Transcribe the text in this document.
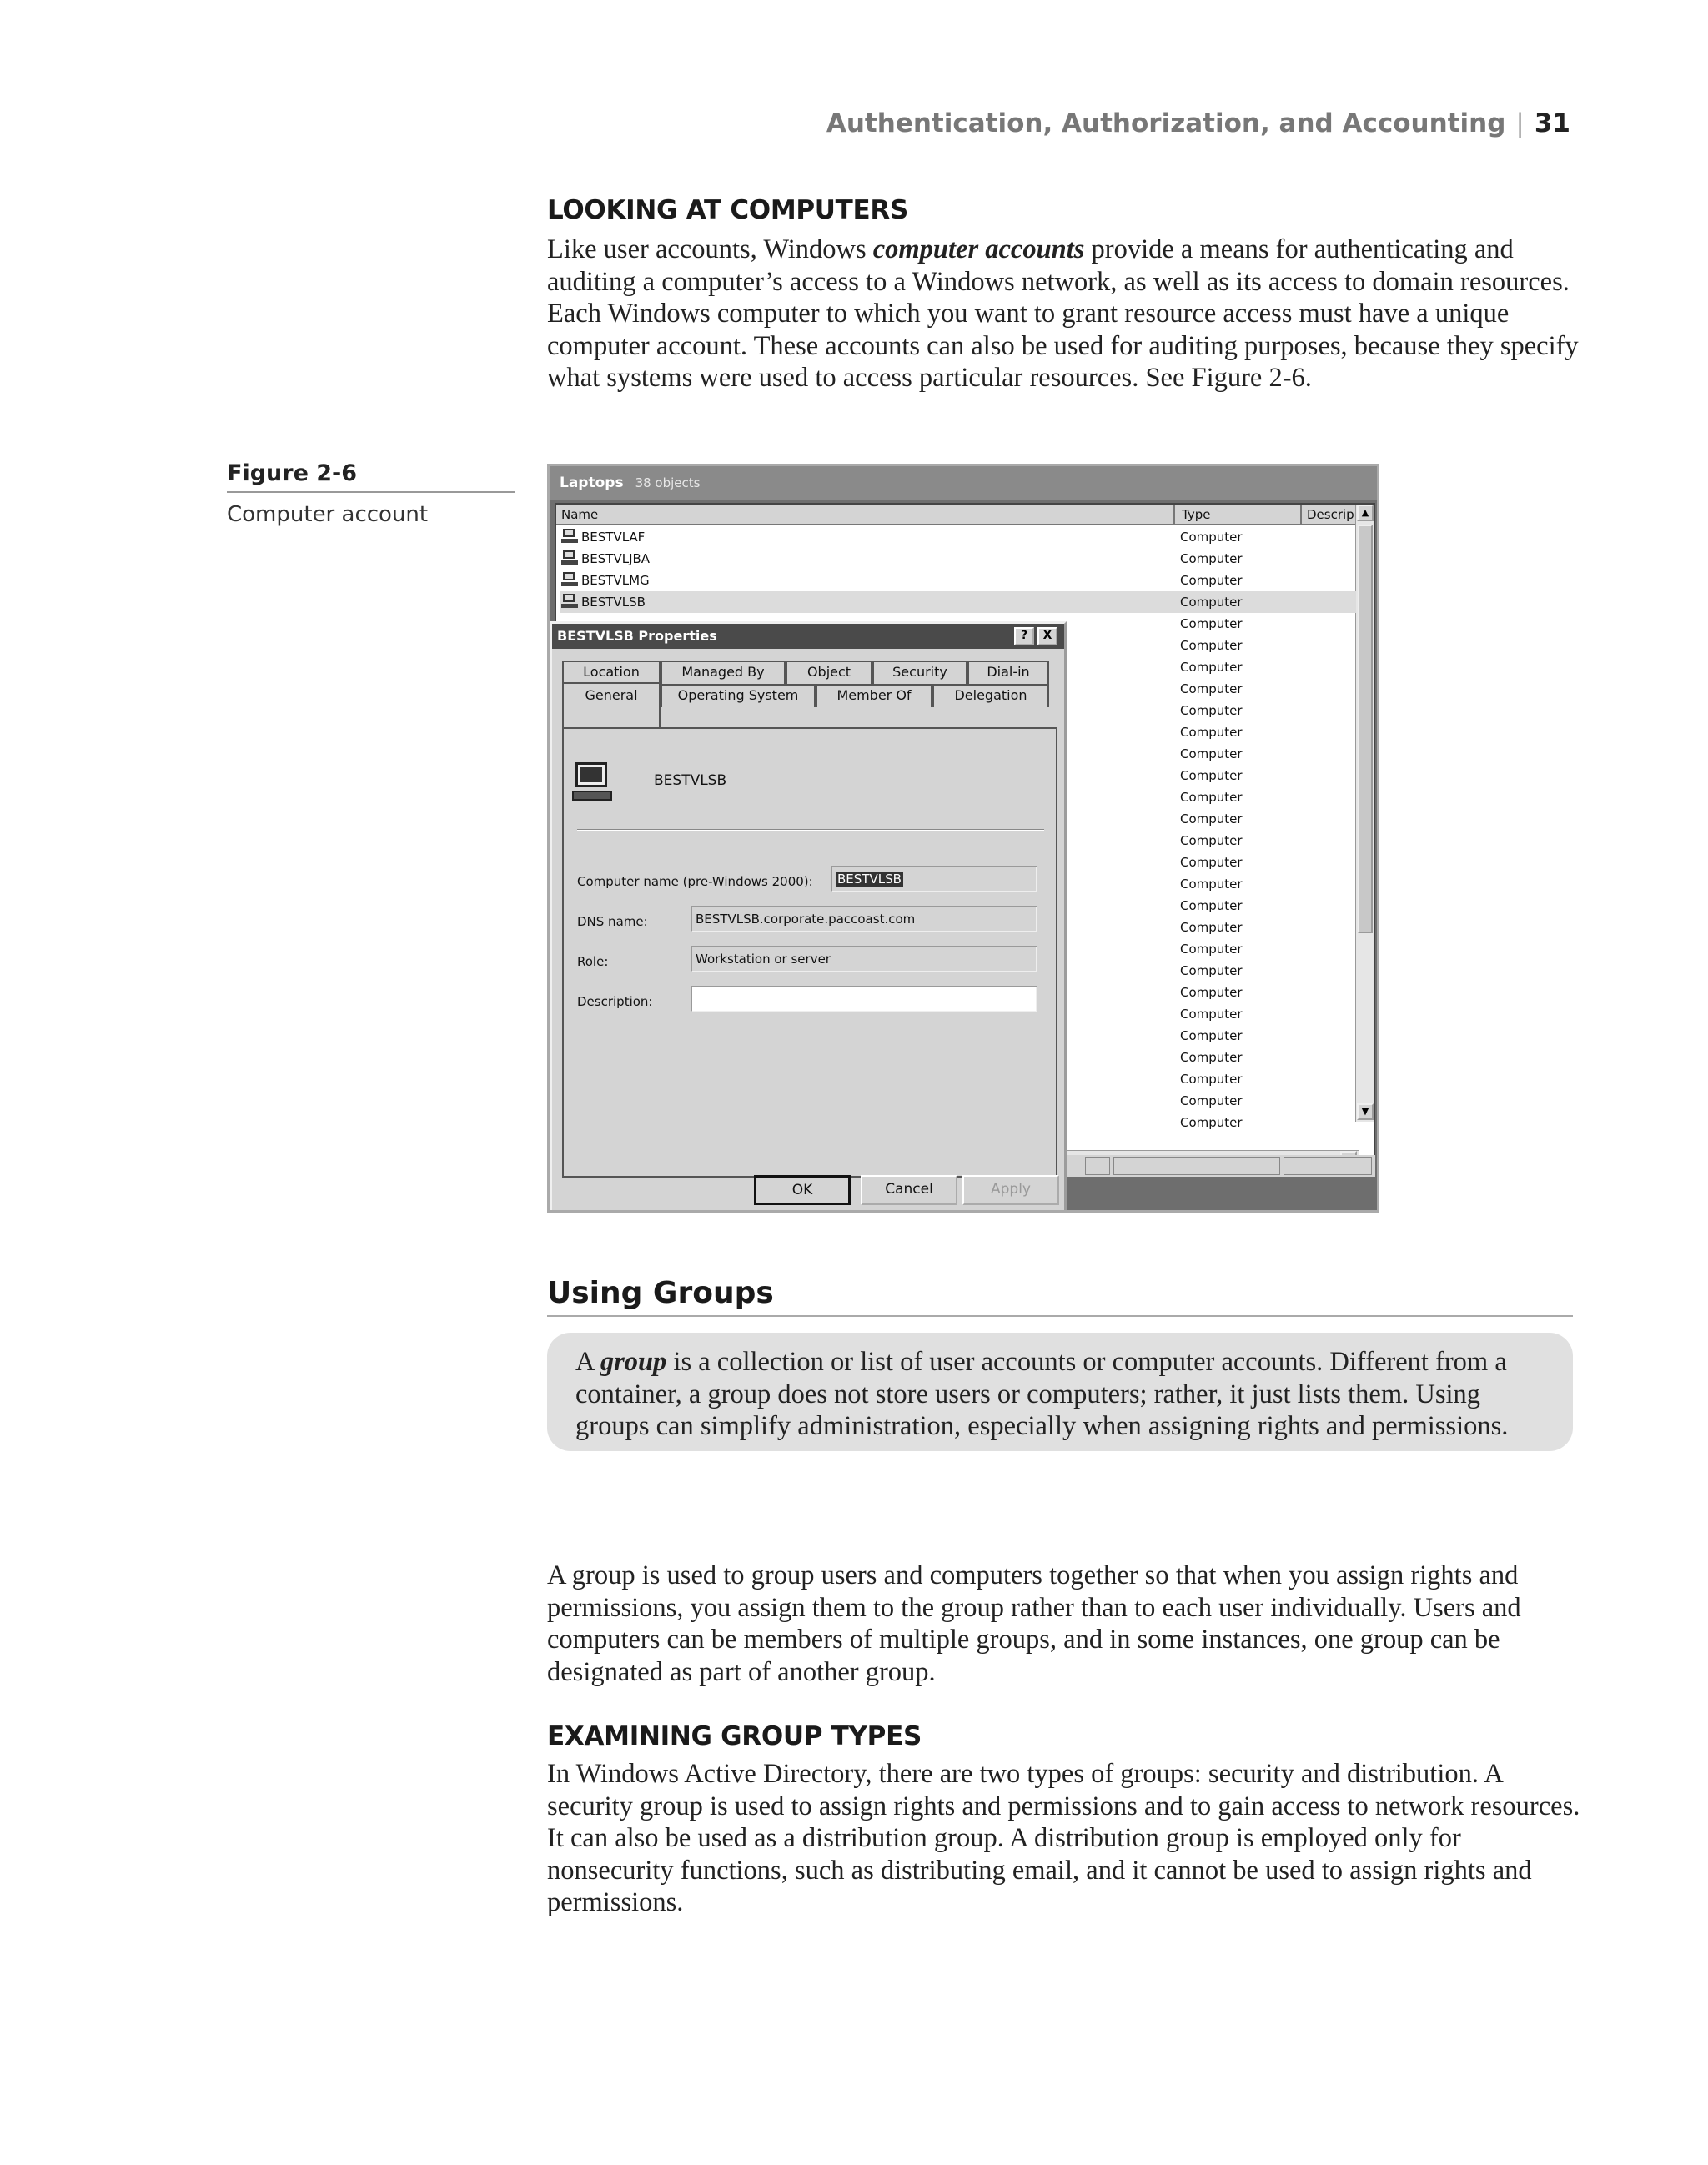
Authentication, Authorization, and Accounting | 31
LOOKING AT COMPUTERS

Like user accounts, Windows computer accounts provide a means for authenticating and auditing a computer’s access to a Windows network, as well as its access to domain resources. Each Windows computer to which you want to grant resource access must have a unique computer account. These accounts can also be used for auditing purposes, because they specify what systems were used to access particular resources. See Figure 2-6.

Figure 2-6
Computer account
Laptops 38 objects
Name	Type	Descrip ▲
▼
BESTVLAF	Computer
BESTVLJBA	Computer
BESTVLMG	Computer
BESTVLSB	Computer
Computer
Computer
Computer
Computer
Computer
Computer
Computer
Computer
Computer
Computer
Computer
Computer
Computer
Computer
Computer
Computer
Computer
Computer
Computer
Computer
Computer
Computer
Computer
Computer
BESTVLSB Properties	?	X
Location	Managed By	Object	Security	Dial-in
General	Operating System	Member Of	Delegation
BESTVLSB
Computer name (pre-Windows 2000):	BESTVLSB
DNS name:	BESTVLSB.corporate.paccoast.com
Role:	Workstation or server
Description:
OK	Cancel	Apply
Using Groups

A group is a collection or list of user accounts or computer accounts. Different from a container, a group does not store users or computers; rather, it just lists them. Using groups can simplify administration, especially when assigning rights and permissions.

A group is used to group users and computers together so that when you assign rights and permissions, you assign them to the group rather than to each user individually. Users and computers can be members of multiple groups, and in some instances, one group can be designated as part of another group.

EXAMINING GROUP TYPES

In Windows Active Directory, there are two types of groups: security and distribution. A security group is used to assign rights and permissions and to gain access to network resources. It can also be used as a distribution group. A distribution group is employed only for nonsecurity functions, such as distributing email, and it cannot be used to assign rights and permissions.
